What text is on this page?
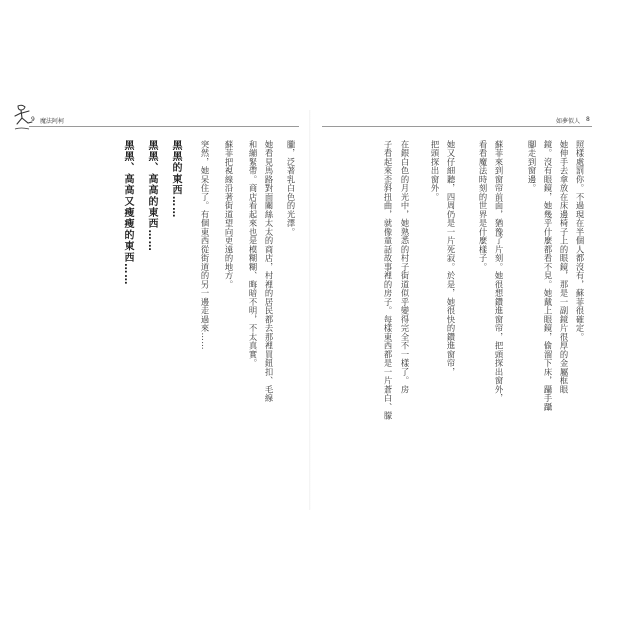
9 魔法阿柯	如夢似人 8
照樣處罰你。不過現在半個人都沒有，蘇菲很確定。
她伸手去拿放在床邊椅子上的眼鏡，那是一副鏡片很厚的金屬框眼
鏡。沒有眼鏡，她幾乎什麼都看不見。她戴上眼鏡，偷溜下床，躡手躡
腳走到窗邊。
蘇菲來到窗帘前面，猶豫了片刻。她很想鑽進窗帘，把頭探出窗外，
看看魔法時刻的世界是什麼樣子。
她又仔細聽，四周仍是一片死寂。於是，她很快的鑽進窗帘，
把頭探出窗外。
在銀白色的月光中，她熟悉的村子街道似乎變得完全不一樣了。房
子看起來歪斜扭曲，就像童話故事裡的房子。每樣東西都是一片蒼白、朦
朧，泛著乳白色的光澤。
她看見馬路對面關絲太太的商店，村裡的居民都去那裡買鈕扣、毛線
和繃緊帶。商店看起來也是模糊糊、晦暗不明，不太真實。
蘇菲把視線沿著街道望向更遠的地方。
突然，她呆住了。有個東西從街道的另一邊走過來……
黑黑的東西……
黑黑、高高的東西……
黑黑、高高又瘦瘦的東西……
